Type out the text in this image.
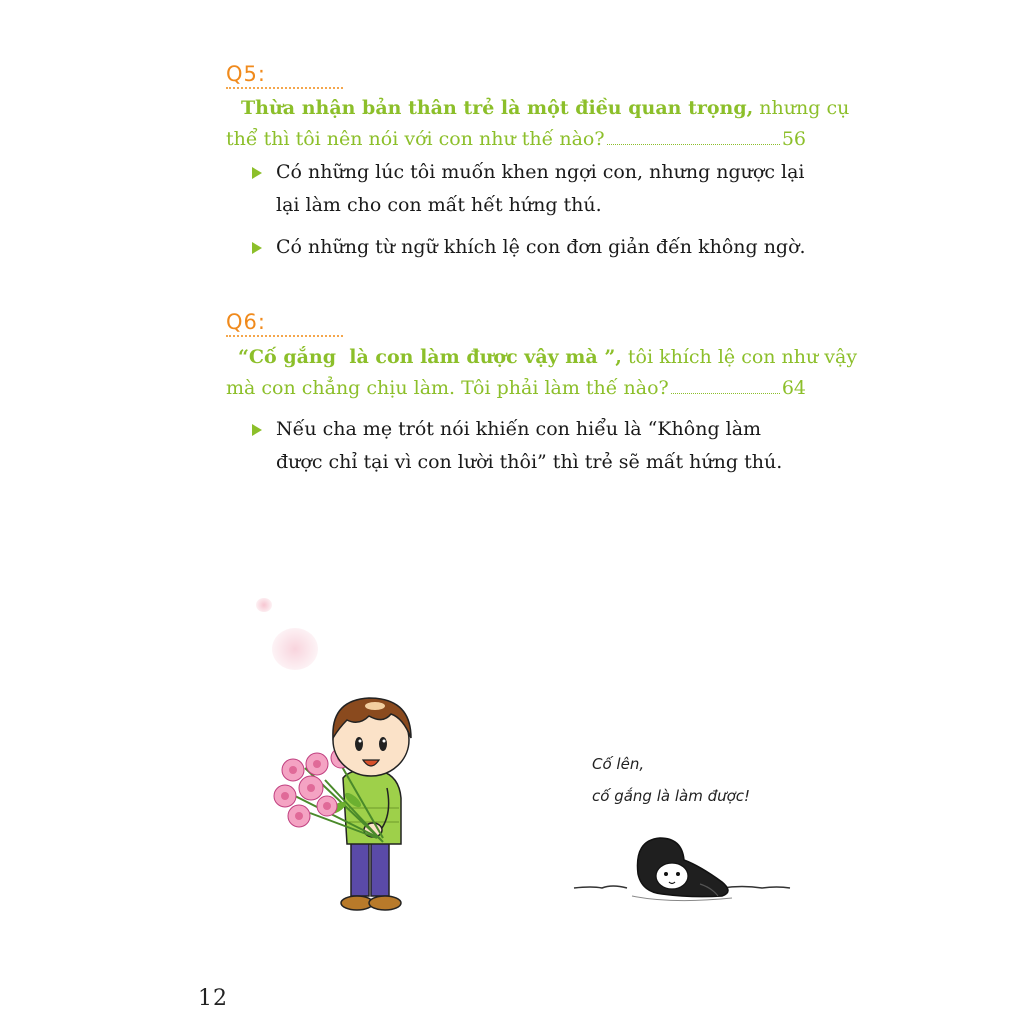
Q5:
Thừa nhận bản thân trẻ là một điều quan trọng, nhưng cụ
thể thì tôi nên nói với con như thế nào?	56
Có những lúc tôi muốn khen ngợi con, nhưng ngược lại lại làm cho con mất hết hứng thú.
Có những từ ngữ khích lệ con đơn giản đến không ngờ.
Q6:
“Cố gắng  là con làm được vậy mà ”, tôi khích lệ con như vậy
mà con chẳng chịu làm. Tôi phải làm thế nào?	64
Nếu cha mẹ trót nói khiến con hiểu là “Không làm được chỉ tại vì con lười thôi” thì trẻ sẽ mất hứng thú.
Cố lên,
cố gắng là làm được!
12
